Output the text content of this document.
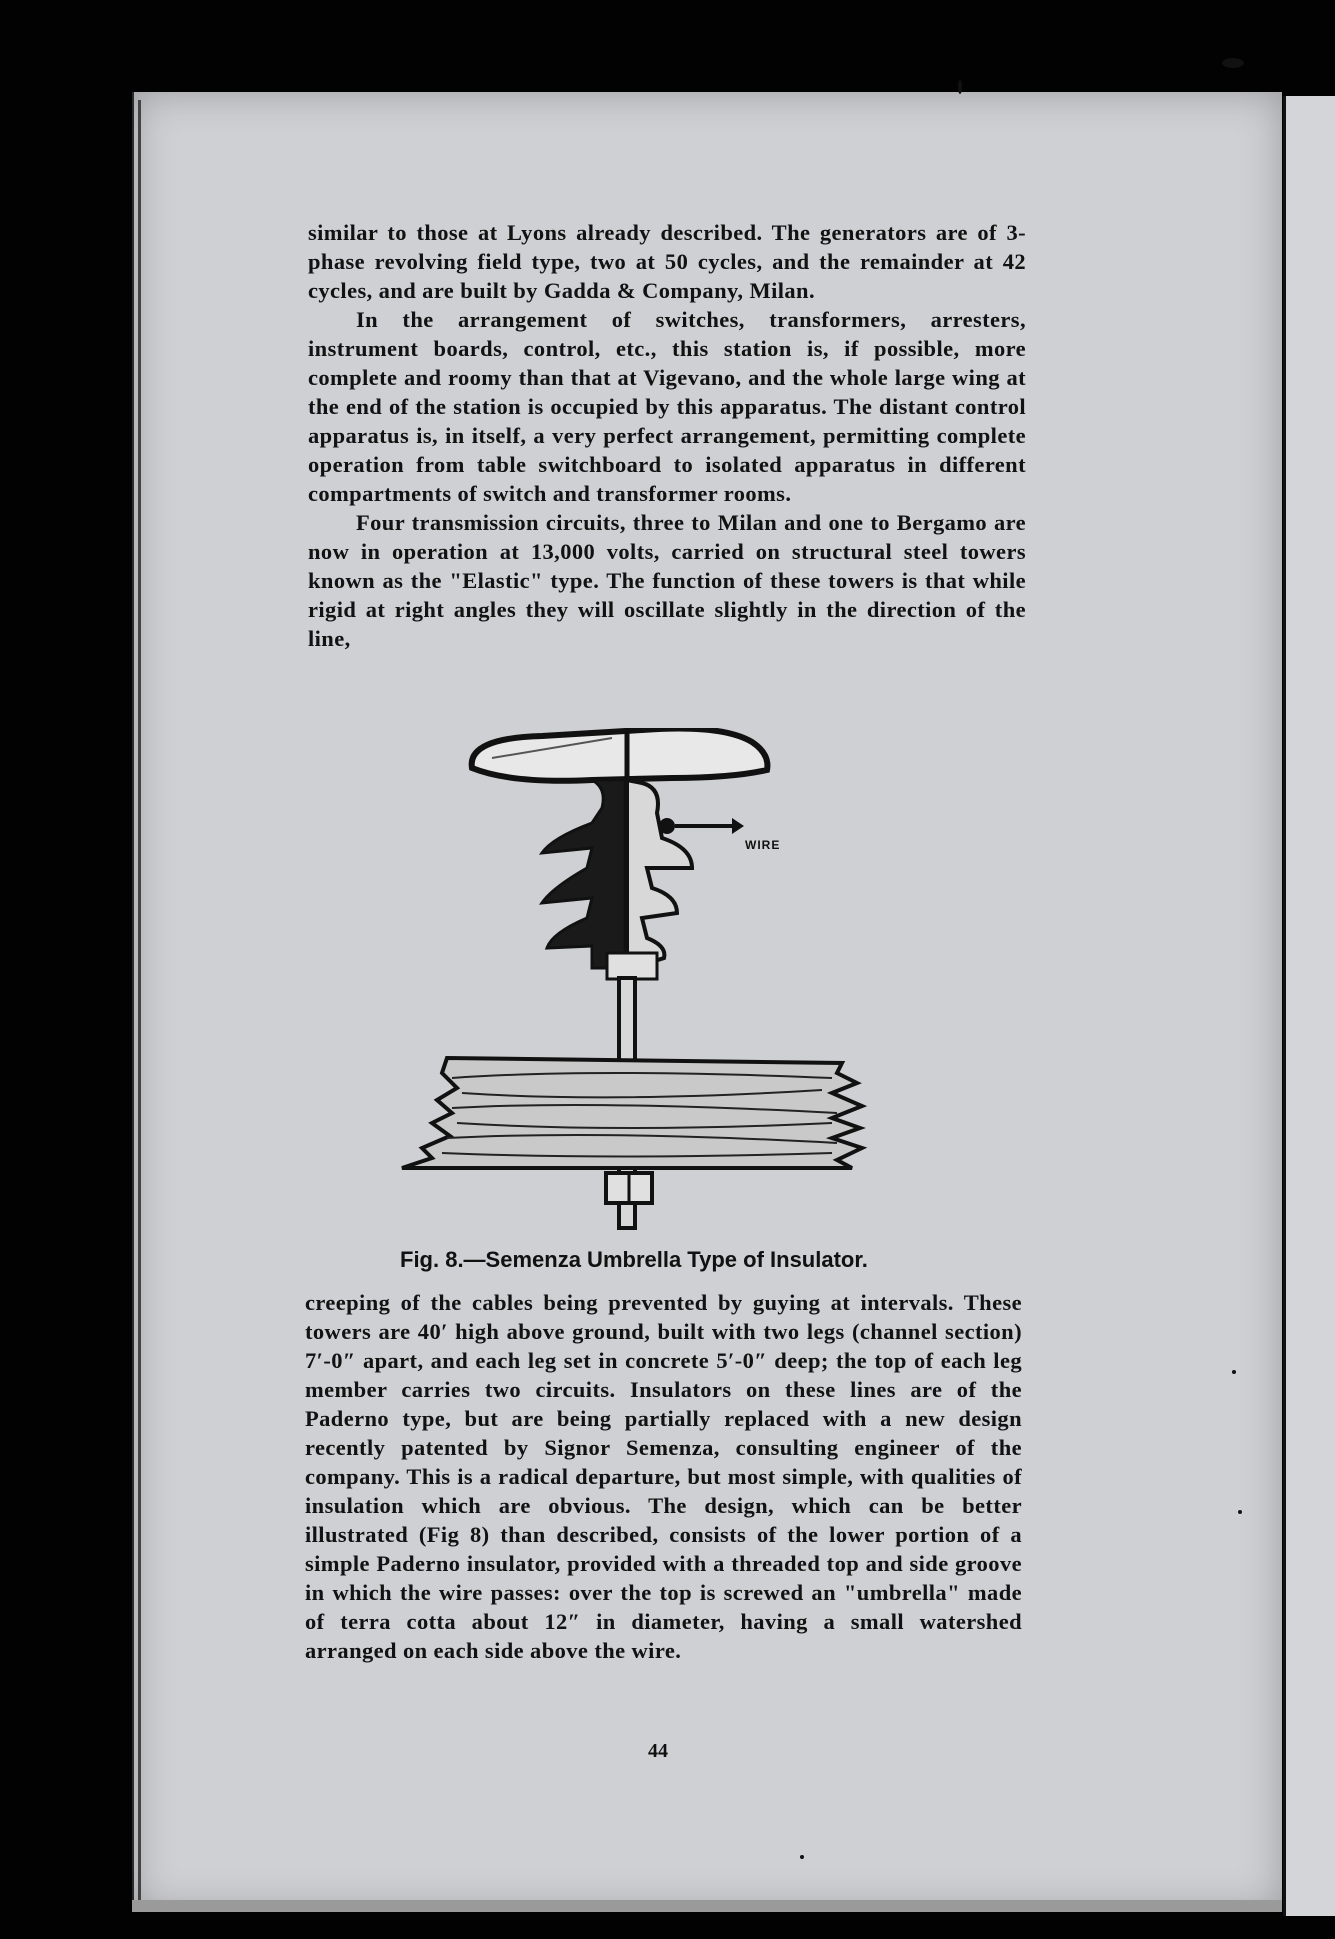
similar to those at Lyons already described. The generators are of 3-phase revolving field type, two at 50 cycles, and the remainder at 42 cycles, and are built by Gadda & Company, Milan.

In the arrangement of switches, transformers, arresters, instrument boards, control, etc., this station is, if possible, more complete and roomy than that at Vigevano, and the whole large wing at the end of the station is occupied by this apparatus. The distant control apparatus is, in itself, a very perfect arrangement, permitting complete operation from table switchboard to isolated apparatus in different compartments of switch and transformer rooms.

Four transmission circuits, three to Milan and one to Bergamo are now in operation at 13,000 volts, carried on structural steel towers known as the "Elastic" type. The function of these towers is that while rigid at right angles they will oscillate slightly in the direction of the line,

WIRE
Fig. 8.—Semenza Umbrella Type of Insulator.

creeping of the cables being prevented by guying at intervals. These towers are 40′ high above ground, built with two legs (channel section) 7′-0″ apart, and each leg set in concrete 5′-0″ deep; the top of each leg member carries two circuits. Insulators on these lines are of the Paderno type, but are being partially replaced with a new design recently patented by Signor Semenza, consulting engineer of the company. This is a radical departure, but most simple, with qualities of insulation which are obvious. The design, which can be better illustrated (Fig 8) than described, consists of the lower portion of a simple Paderno insulator, provided with a threaded top and side groove in which the wire passes: over the top is screwed an "umbrella" made of terra cotta about 12″ in diameter, having a small watershed arranged on each side above the wire.

44
